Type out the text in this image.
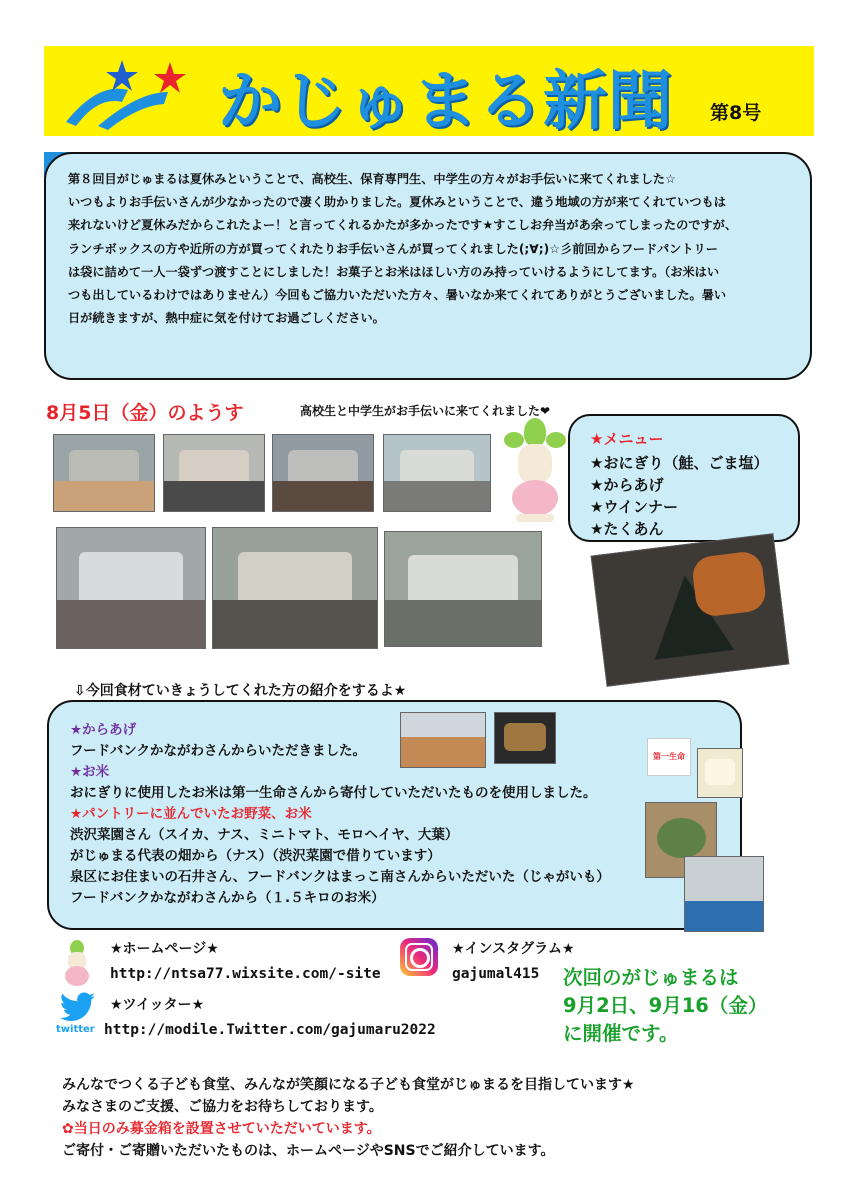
かじゅまる新聞 第8号

第８回目がじゅまるは夏休みということで、高校生、保育専門生、中学生の方々がお手伝いに来てくれました☆

いつもよりお手伝いさんが少なかったので凄く助かりました。夏休みということで、違う地域の方が来てくれていつもは

来れないけど夏休みだからこれたよー！と言ってくれるかたが多かったです★すこしお弁当があ余ってしまったのですが、

ランチボックスの方や近所の方が買ってくれたりお手伝いさんが買ってくれました(;∀;)☆彡前回からフードパントリー

は袋に詰めて一人一袋ずつ渡すことにしました！お菓子とお米はほしい方のみ持っていけるようにしてます。（お米はい

つも出しているわけではありません）今回もご協力いただいた方々、暑いなか来てくれてありがとうございました。暑い

日が続きますが、熱中症に気を付けてお過ごしください。

8月5日（金）のようす	高校生と中学生がお手伝いに来てくれました❤
★メニュー
★おにぎり（鮭、ごま塩）
★からあげ
★ウインナー
★たくあん
⇩今回食材ていきょうしてくれた方の紹介をするよ★
★からあげ
フードバンクかながわさんからいただきました。
★お米
おにぎりに使用したお米は第一生命さんから寄付していただいたものを使用しました。
★パントリーに並んでいたお野菜、お米
渋沢菜園さん（スイカ、ナス、ミニトマト、モロヘイヤ、大葉）
がじゅまる代表の畑から（ナス）（渋沢菜園で借りています）
泉区にお住まいの石井さん、フードバンクはまっこ南さんからいただいた（じゃがいも）
フードバンクかながわさんから（１.５キロのお米）
第一生命
★ホームページ★
http://ntsa77.wixsite.com/-site
twitter
★ツイッター★
http://modile.Twitter.com/gajumaru2022
★インスタグラム★
gajumal415 次回のがじゅまるは
9月2日、9月16（金）
に開催です。
みんなでつくる子ども食堂、みんなが笑顔になる子ども食堂がじゅまるを目指しています★
みなさまのご支援、ご協力をお待ちしております。
✿当日のみ募金箱を設置させていただいています。
ご寄付・ご寄贈いただいたものは、ホームページやSNSでご紹介しています。
